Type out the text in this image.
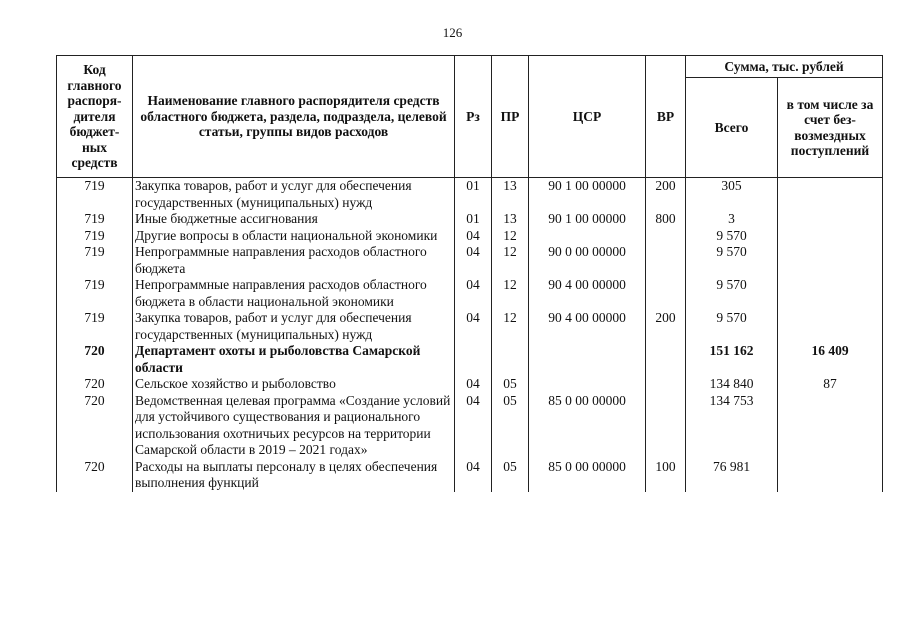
126
Код главного распоря-дителя бюджет-ных средств	Наименование главного распорядителя средств областного бюджета, раздела, подраздела, целевой статьи, группы видов расходов	Рз	ПР	ЦСР	ВР	Сумма, тыс. рублей	
						Всего	в том числе за счет без-возмездных поступлений
719	Закупка товаров, работ и услуг для обеспечения государственных (муниципальных) нужд	01	13	90 1 00 00000	200	305	
719	Иные бюджетные ассигнования	01	13	90 1 00 00000	800	3	
719	Другие вопросы в области национальной экономики	04	12			9 570	
719	Непрограммные направления расходов областного бюджета	04	12	90 0 00 00000		9 570	
719	Непрограммные направления расходов областного бюджета в области национальной экономики	04	12	90 4 00 00000		9 570	
719	Закупка товаров, работ и услуг для обеспечения государственных (муниципальных) нужд	04	12	90 4 00 00000	200	9 570	
720	Департамент охоты и рыболовства Самарской области					151 162	16 409
720	Сельское хозяйство и рыболовство	04	05			134 840	87
720	Ведомственная целевая программа «Создание условий для устойчивого существования и рационального использования охотничьих ресурсов на территории Самарской области в 2019 – 2021 годах»	04	05	85 0 00 00000		134 753	
720	Расходы на выплаты персоналу в целях обеспечения выполнения функций	04	05	85 0 00 00000	100	76 981	
